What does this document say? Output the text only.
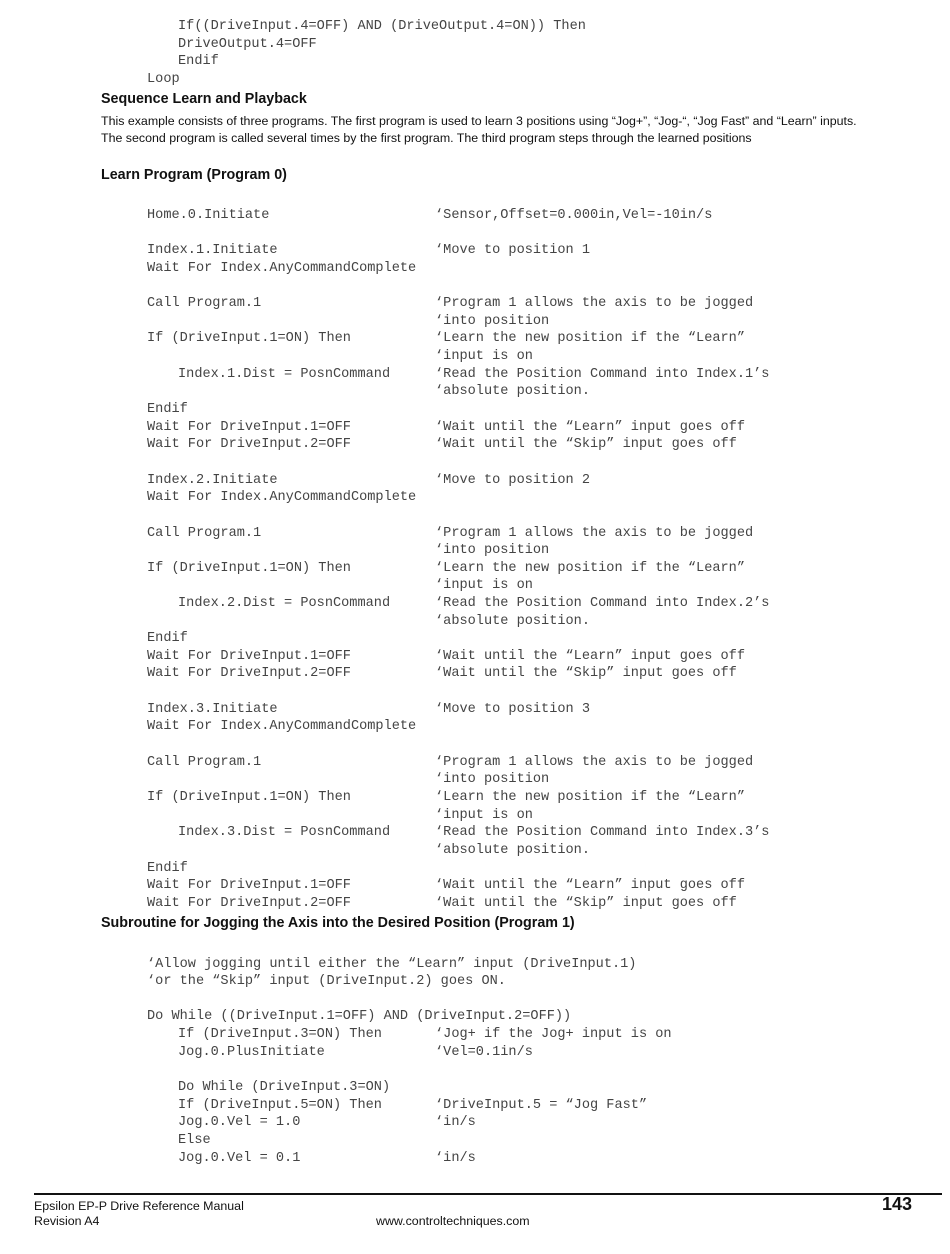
If((DriveInput.4=OFF) AND (DriveOutput.4=ON)) Then
DriveOutput.4=OFF
Endif
Loop
Home.0.Initiate	‘Sensor,Offset=0.000in,Vel=-10in/s
Index.1.Initiate	‘Move to position 1
Wait For Index.AnyCommandComplete
Call Program.1	‘Program 1 allows the axis to be jogged
‘into position
If (DriveInput.1=ON) Then	‘Learn the new position if the “Learn”
‘input is on
Index.1.Dist = PosnCommand	‘Read the Position Command into Index.1’s
‘absolute position.
Endif
Wait For DriveInput.1=OFF	‘Wait until the “Learn” input goes off
Wait For DriveInput.2=OFF	‘Wait until the “Skip” input goes off
Index.2.Initiate	‘Move to position 2
Wait For Index.AnyCommandComplete
Call Program.1	‘Program 1 allows the axis to be jogged
‘into position
If (DriveInput.1=ON) Then	‘Learn the new position if the “Learn”
‘input is on
Index.2.Dist = PosnCommand	‘Read the Position Command into Index.2’s
‘absolute position.
Endif
Wait For DriveInput.1=OFF	‘Wait until the “Learn” input goes off
Wait For DriveInput.2=OFF	‘Wait until the “Skip” input goes off
Index.3.Initiate	‘Move to position 3
Wait For Index.AnyCommandComplete
Call Program.1	‘Program 1 allows the axis to be jogged
‘into position
If (DriveInput.1=ON) Then	‘Learn the new position if the “Learn”
‘input is on
Index.3.Dist = PosnCommand	‘Read the Position Command into Index.3’s
‘absolute position.
Endif
Wait For DriveInput.1=OFF	‘Wait until the “Learn” input goes off
Wait For DriveInput.2=OFF	‘Wait until the “Skip” input goes off
‘Allow jogging until either the “Learn” input (DriveInput.1)
‘or the “Skip” input (DriveInput.2) goes ON.
Do While ((DriveInput.1=OFF) AND (DriveInput.2=OFF))
If (DriveInput.3=ON) Then	‘Jog+ if the Jog+ input is on
Jog.0.PlusInitiate	‘Vel=0.1in/s
Do While (DriveInput.3=ON)
If (DriveInput.5=ON) Then	‘DriveInput.5 = “Jog Fast”
Jog.0.Vel = 1.0	‘in/s
Else
Jog.0.Vel = 0.1	‘in/s
Sequence Learn and Playback
This example consists of three programs. The first program is used to learn 3 positions using “Jog+”, “Jog-“, “Jog Fast” and “Learn” inputs. The second program is called several times by the first program. The third program steps through the learned positions
Learn Program (Program 0)
Subroutine for Jogging the Axis into the Desired Position (Program 1)
Epsilon EP-P Drive Reference Manual
Revision A4	www.controltechniques.com
143
